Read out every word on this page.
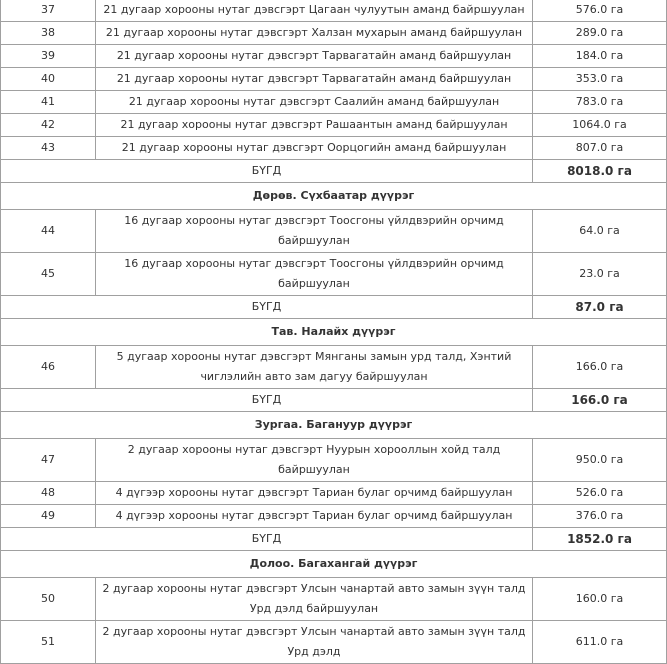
37	21 дугаар хорооны нутаг дэвсгэрт Цагаан чулуутын аманд байршуулан	576.0 га
38	21 дугаар хорооны нутаг дэвсгэрт Халзан мухарын аманд байршуулан	289.0 га
39	21 дугаар хорооны нутаг дэвсгэрт Тарвагатайн аманд байршуулан	184.0 га
40	21 дугаар хорооны нутаг дэвсгэрт Тарвагатайн аманд байршуулан	353.0 га
41	21 дугаар хорооны нутаг дэвсгэрт Саалийн аманд байршуулан	783.0 га
42	21 дугаар хорооны нутаг дэвсгэрт Рашаантын аманд байршуулан	1064.0 га
43	21 дугаар хорооны нутаг дэвсгэрт Оорцогийн аманд байршуулан	807.0 га
БҮГД		8018.0 га
Дөрөв. Сүхбаатар дүүрэг		
44	16 дугаар хорооны нутаг дэвсгэрт Тоосгоны үйлдвэрийн орчимд байршуулан	64.0 га
45	16 дугаар хорооны нутаг дэвсгэрт Тоосгоны үйлдвэрийн орчимд байршуулан	23.0 га
БҮГД		87.0 га
Тав. Налайх дүүрэг		
46	5 дугаар хорооны нутаг дэвсгэрт Мянганы замын урд талд, Хэнтий чиглэлийн авто зам дагуу байршуулан	166.0 га
БҮГД		166.0 га
Зургаа. Багануур дүүрэг		
47	2 дугаар хорооны нутаг дэвсгэрт Нуурын хорооллын хойд талд байршуулан	950.0 га
48	4 дүгээр хорооны нутаг дэвсгэрт Тариан булаг орчимд байршуулан	526.0 га
49	4 дүгээр хорооны нутаг дэвсгэрт Тариан булаг орчимд байршуулан	376.0 га
БҮГД		1852.0 га
Долоо. Багахангай дүүрэг		
50	2 дугаар хорооны нутаг дэвсгэрт Улсын чанартай авто замын зүүн талд Урд дэлд байршуулан	160.0 га
51	2 дугаар хорооны нутаг дэвсгэрт Улсын чанартай авто замын зүүн талд Урд дэлд	611.0 га
